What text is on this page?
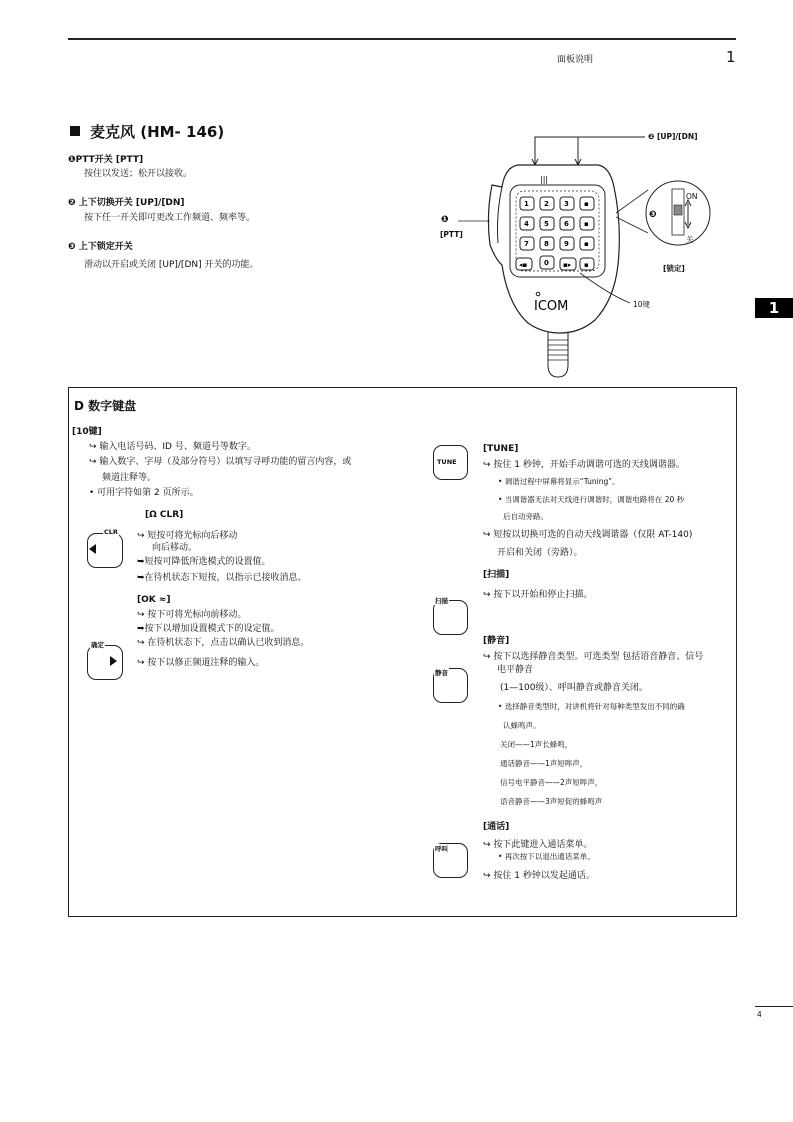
面板说明	1
1
麦克风 (HM- 146)
❶PTT开关 [PTT]
按住以发送；松开以接收。
❷ 上下切换开关 [UP]/[DN]
按下任一开关即可更改工作频道、频率等。
❸ 上下锁定开关
滑动以开启或关闭 [UP]/[DN] 开关的功能。
|||
1 2 3 ▪
4 5 6 ▪
7 8 9 ▪
◂▪ 0 ▪▸ ▪
ICOM
❷ [UP]/[DN]
❶
[PTT]
❸
ON
关
[锁定]
10键
D 数字键盘
[10键]
↪ 输入电话号码、ID 号、频道号等数字。
↪ 输入数字、字母（及部分符号）以填写寻呼功能的留言内容，或
频道注释等。
• 可用字符如第 2 页所示。
CLR
[Ω CLR]
↪ 短按可将光标向后移动
向后移动。
➥短按可降低所选模式的设置值。
➥在待机状态下短按，以指示已接收消息。
[OK ≈]
↪ 按下可将光标向前移动。
➥按下以增加设置模式下的设定值。
↪ 在待机状态下，点击以确认已收到消息。
↪ 按下以修正频道注释的输入。
确定
TUNE
[TUNE]
↪ 按住 1 秒钟，开始手动调谐可选的天线调谐器。
• 调谐过程中屏幕将显示“Tuning”。
• 当调谐器无法对天线进行调谐时，调谐电路将在 20 秒
后自动旁路。
↪ 短按以切换可选的自动天线调谐器（仅限 AT-140)
开启和关闭（旁路）。
[扫描]
↪ 按下以开始和停止扫描。
扫描
[静音]
↪ 按下以选择静音类型。可选类型 包括语音静音、信号
电平静音
(1—100级）、呼叫静音或静音关闭。
• 选择静音类型时，对讲机将针对每种类型发出不同的确
认蜂鸣声。
关闭——1声长蜂鸣，
通话静音——1声短哔声，
信号电平静音——2声短哔声，
语音静音——3声短促的蜂鸣声
静音
[通话]
↪ 按下此键进入通话菜单。
• 再次按下以退出通话菜单。
↪ 按住 1 秒钟以发起通话。
呼叫
4
